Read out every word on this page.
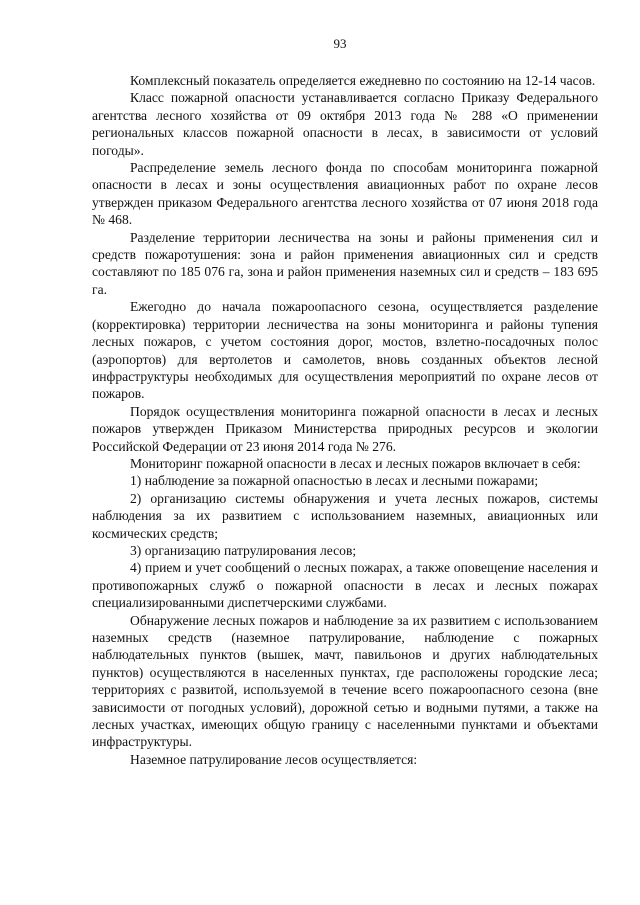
93

Комплексный показатель определяется ежедневно по состоянию на 12-14 часов.

Класс пожарной опасности устанавливается согласно Приказу Федерального агентства лесного хозяйства от 09 октября 2013 года № 288 «О применении региональных классов пожарной опасности в лесах, в зависимости от условий погоды».

Распределение земель лесного фонда по способам мониторинга пожарной опасности в лесах и зоны осуществления авиационных работ по охране лесов утвержден приказом Федерального агентства лесного хозяйства от 07 июня 2018 года № 468.

Разделение территории лесничества на зоны и районы применения сил и средств пожаротушения: зона и район применения авиационных сил и средств составляют по 185 076 га, зона и район применения наземных сил и средств – 183 695 га.

Ежегодно до начала пожароопасного сезона, осуществляется разделение (корректировка) территории лесничества на зоны мониторинга и районы тупения лесных пожаров, с учетом состояния дорог, мостов, взлетно-посадочных полос (аэропортов) для вертолетов и самолетов, вновь созданных объектов лесной инфраструктуры необходимых для осуществления мероприятий по охране лесов от пожаров.

Порядок осуществления мониторинга пожарной опасности в лесах и лесных пожаров утвержден Приказом Министерства природных ресурсов и экологии Российской Федерации от 23 июня 2014 года № 276.

Мониторинг пожарной опасности в лесах и лесных пожаров включает в себя:

1) наблюдение за пожарной опасностью в лесах и лесными пожарами;

2) организацию системы обнаружения и учета лесных пожаров, системы наблюдения за их развитием с использованием наземных, авиационных или космических средств;

3) организацию патрулирования лесов;

4) прием и учет сообщений о лесных пожарах, а также оповещение населения и противопожарных служб о пожарной опасности в лесах и лесных пожарах специализированными диспетчерскими службами.

Обнаружение лесных пожаров и наблюдение за их развитием с использованием наземных средств (наземное патрулирование, наблюдение с пожарных наблюдательных пунктов (вышек, мачт, павильонов и других наблюдательных пунктов) осуществляются в населенных пунктах, где расположены городские леса; территориях с развитой, используемой в течение всего пожароопасного сезона (вне зависимости от погодных условий), дорожной сетью и водными путями, а также на лесных участках, имеющих общую границу с населенными пунктами и объектами инфраструктуры.

Наземное патрулирование лесов осуществляется:
